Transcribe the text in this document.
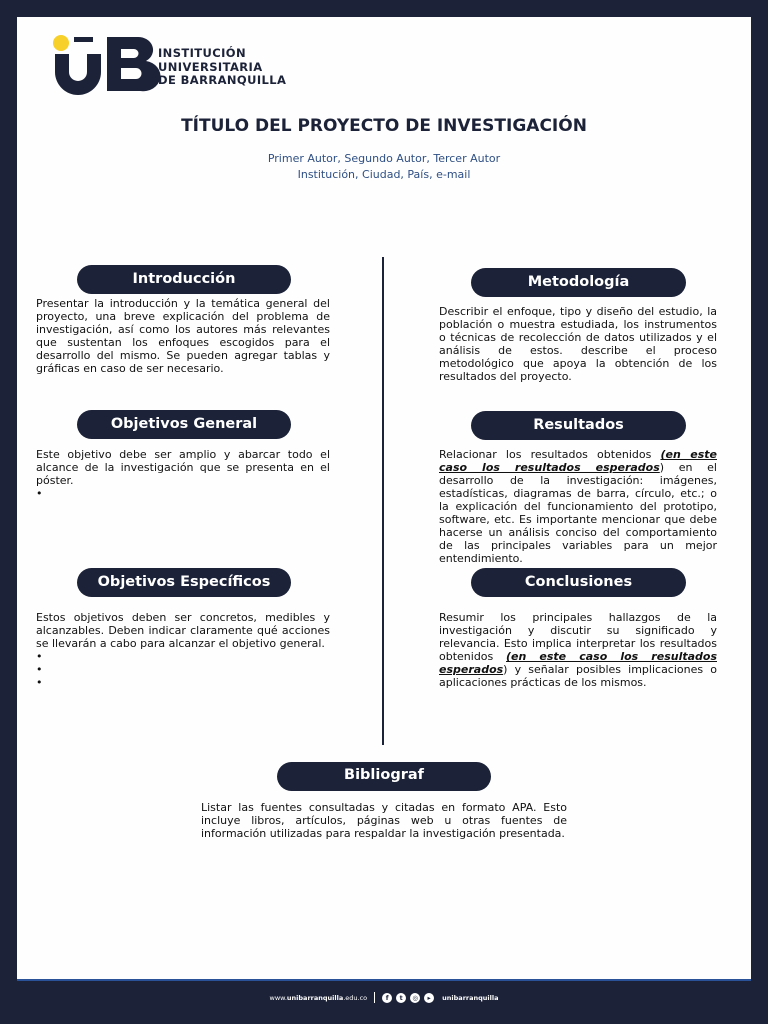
INSTITUCIÓN
UNIVERSITARIA
DE BARRANQUILLA
TÍTULO DEL PROYECTO DE INVESTIGACIÓN
Primer Autor, Segundo Autor, Tercer Autor
Institución, Ciudad, País, e-mail
Introducción

Presentar la introducción y la temática general del proyecto, una breve explicación del problema de investigación, así como los autores más relevantes que sustentan los enfoques escogidos para el desarrollo del mismo. Se pueden agregar tablas y gráficas en caso de ser necesario.

Objetivos General

Este objetivo debe ser amplio y abarcar todo el alcance de la investigación que se presenta en el póster.

•
Objetivos Específicos

Estos objetivos deben ser concretos, medibles y alcanzables. Deben indicar claramente qué acciones se llevarán a cabo para alcanzar el objetivo general.

•
•
•
Metodología

Describir el enfoque, tipo y diseño del estudio, la población o muestra estudiada, los instrumentos o técnicas de recolección de datos utilizados y el análisis de estos. describe el proceso metodológico que apoya la obtención de los resultados del proyecto.

Resultados

Relacionar los resultados obtenidos (en este caso los resultados esperados) en el desarrollo de la investigación: imágenes, estadísticas, diagramas de barra, círculo, etc.; o la explicación del funcionamiento del prototipo, software, etc. Es importante mencionar que debe hacerse un análisis conciso del comportamiento de las principales variables para un mejor entendimiento.

Conclusiones

Resumir los principales hallazgos de la investigación y discutir su significado y relevancia. Esto implica interpretar los resultados obtenidos (en este caso los resultados esperados) y señalar posibles implicaciones o aplicaciones prácticas de los mismos.

Bibliograf

Listar las fuentes consultadas y citadas en formato APA. Esto incluye libros, artículos, páginas web u otras fuentes de información utilizadas para respaldar la investigación presentada.

www.unibarranquilla.edu.co	f	t	◎	▸	unibarranquilla
